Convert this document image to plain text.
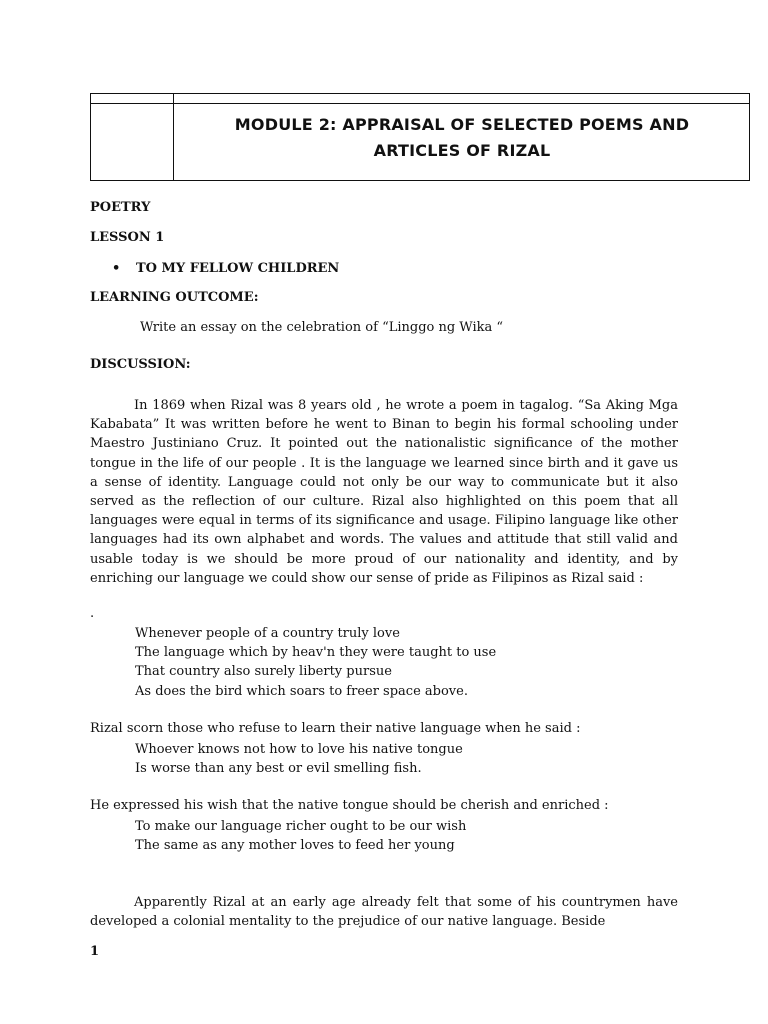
MODULE 2: APPRAISAL OF SELECTED POEMS AND
ARTICLES OF RIZAL
POETRY
LESSON 1
• TO MY FELLOW CHILDREN
LEARNING OUTCOME:
Write an essay on the celebration of “Linggo ng Wika “
DISCUSSION:

In 1869 when Rizal was 8 years old , he wrote a poem in tagalog. “Sa Aking Mga Kababata” It was written before he went to Binan to begin his formal schooling under Maestro Justiniano Cruz. It pointed out the nationalistic significance of the mother tongue in the life of our people . It is the language we learned since birth and it gave us a sense of identity. Language could not only be our way to communicate but it also served as the reflection of our culture. Rizal also highlighted on this poem that all languages were equal in terms of its significance and usage. Filipino language like other languages had its own alphabet and words. The values and attitude that still valid and usable today is we should be more proud of our nationality and identity, and by enriching our language we could show our sense of pride as Filipinos as Rizal said :

.
Whenever people of a country truly love
The language which by heav'n they were taught to use
That country also surely liberty pursue
As does the bird which soars to freer space above.
Rizal scorn those who refuse to learn their native language when he said :
Whoever knows not how to love his native tongue
Is worse than any best or evil smelling fish.
He expressed his wish that the native tongue should be cherish and enriched :
To make our language richer ought to be our wish
The same as any mother loves to feed her young

Apparently Rizal at an early age already felt that some of his countrymen have developed a colonial mentality to the prejudice of our native language. Beside

1
